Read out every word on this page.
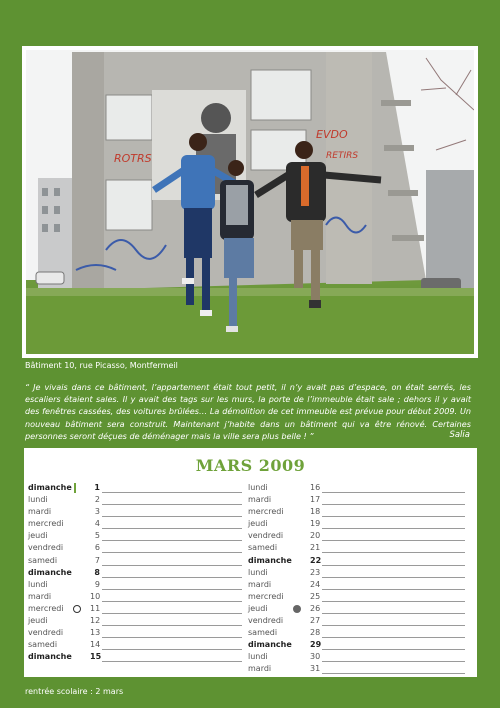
ROTRS
EVDO
RETIRS
Bâtiment 10, rue Picasso, Montfermeil
“ Je vivais dans ce bâtiment, l’appartement était tout petit, il n’y avait pas d’espace, on était serrés, les escaliers étaient sales. Il y avait des tags sur les murs, la porte de l’immeuble était sale ; dehors il y avait des fenêtres cassées, des voitures brûlées… La démolition de cet immeuble est prévue pour début 2009. Un nouveau bâtiment sera construit. Maintenant j’habite dans un bâtiment qui va être rénové. Certaines personnes seront déçues de déménager mais la ville sera plus belle ! ”	Salia
MARS 2009
dimanche	1
lundi	2
mardi	3
mercredi	4
jeudi	5
vendredi	6
samedi	7
dimanche	8
lundi	9
mardi	10
mercredi	11
jeudi	12
vendredi	13
samedi	14
dimanche	15
lundi	16
mardi	17
mercredi	18
jeudi	19
vendredi	20
samedi	21
dimanche	22
lundi	23
mardi	24
mercredi	25
jeudi	26
vendredi	27
samedi	28
dimanche	29
lundi	30
mardi	31
rentrée scolaire : 2 mars
